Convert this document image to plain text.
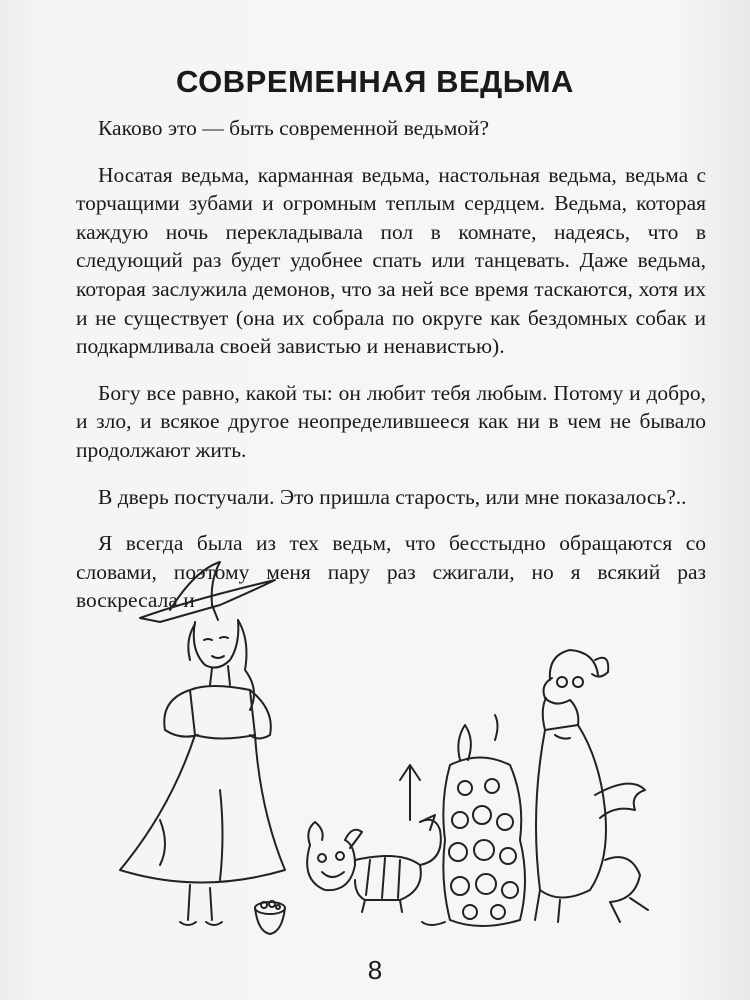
СОВРЕМЕННАЯ ВЕДЬМА

Каково это — быть современной ведьмой?

Носатая ведьма, карманная ведьма, настольная ведьма, ведьма с торчащими зубами и огромным теплым сердцем. Ведьма, которая каждую ночь перекладывала пол в комнате, надеясь, что в следующий раз будет удобнее спать или танцевать. Даже ведьма, которая заслужила демонов, что за ней все время таскаются, хотя их и не существует (она их собрала по округе как бездомных собак и подкармливала своей завистью и ненавистью).

Богу все равно, какой ты: он любит тебя любым. Потому и добро, и зло, и всякое другое неопределившееся как ни в чем не бывало продолжают жить.

В дверь постучали. Это пришла старость, или мне показалось?..

Я всегда была из тех ведьм, что бесстыдно обращаются со словами, поэтому меня пару раз сжигали, но я всякий раз воскресала и

8
